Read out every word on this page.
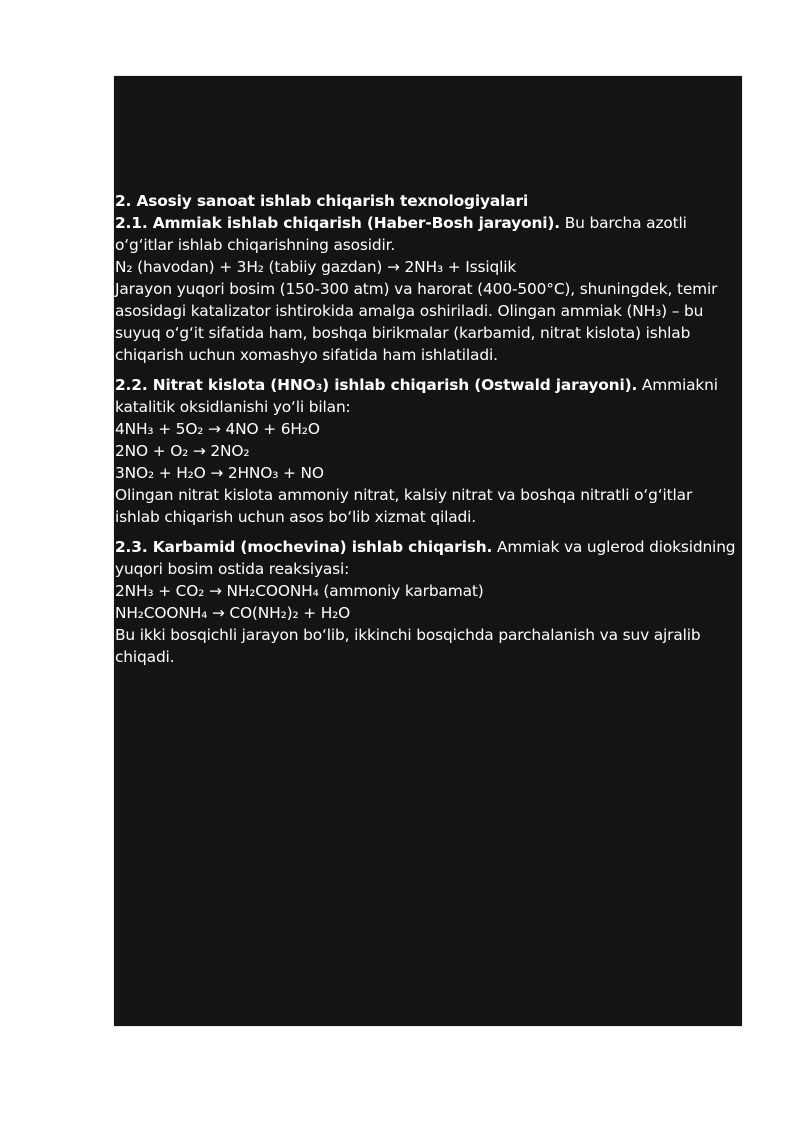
2. Asosiy sanoat ishlab chiqarish texnologiyalari
2.1. Ammiak ishlab chiqarish (Haber-Bosh jarayoni). Bu barcha azotli o‘g‘itlar ishlab chiqarishning asosidir.
N₂ (havodan) + 3H₂ (tabiiy gazdan) → 2NH₃ + Issiqlik
Jarayon yuqori bosim (150-300 atm) va harorat (400-500°C), shuningdek, temir asosidagi katalizator ishtirokida amalga oshiriladi. Olingan ammiak (NH₃) – bu suyuq o‘g‘it sifatida ham, boshqa birikmalar (karbamid, nitrat kislota) ishlab chiqarish uchun xomashyo sifatida ham ishlatiladi.

2.2. Nitrat kislota (HNO₃) ishlab chiqarish (Ostwald jarayoni). Ammiakni katalitik oksidlanishi yo‘li bilan:
4NH₃ + 5O₂ → 4NO + 6H₂O
2NO + O₂ → 2NO₂
3NO₂ + H₂O → 2HNO₃ + NO
Olingan nitrat kislota ammoniy nitrat, kalsiy nitrat va boshqa nitratli o‘g‘itlar ishlab chiqarish uchun asos bo‘lib xizmat qiladi.

2.3. Karbamid (mochevina) ishlab chiqarish. Ammiak va uglerod dioksidning yuqori bosim ostida reaksiyasi:
2NH₃ + CO₂ → NH₂COONH₄ (ammoniy karbamat)
NH₂COONH₄ → CO(NH₂)₂ + H₂O
Bu ikki bosqichli jarayon bo‘lib, ikkinchi bosqichda parchalanish va suv ajralib chiqadi.
